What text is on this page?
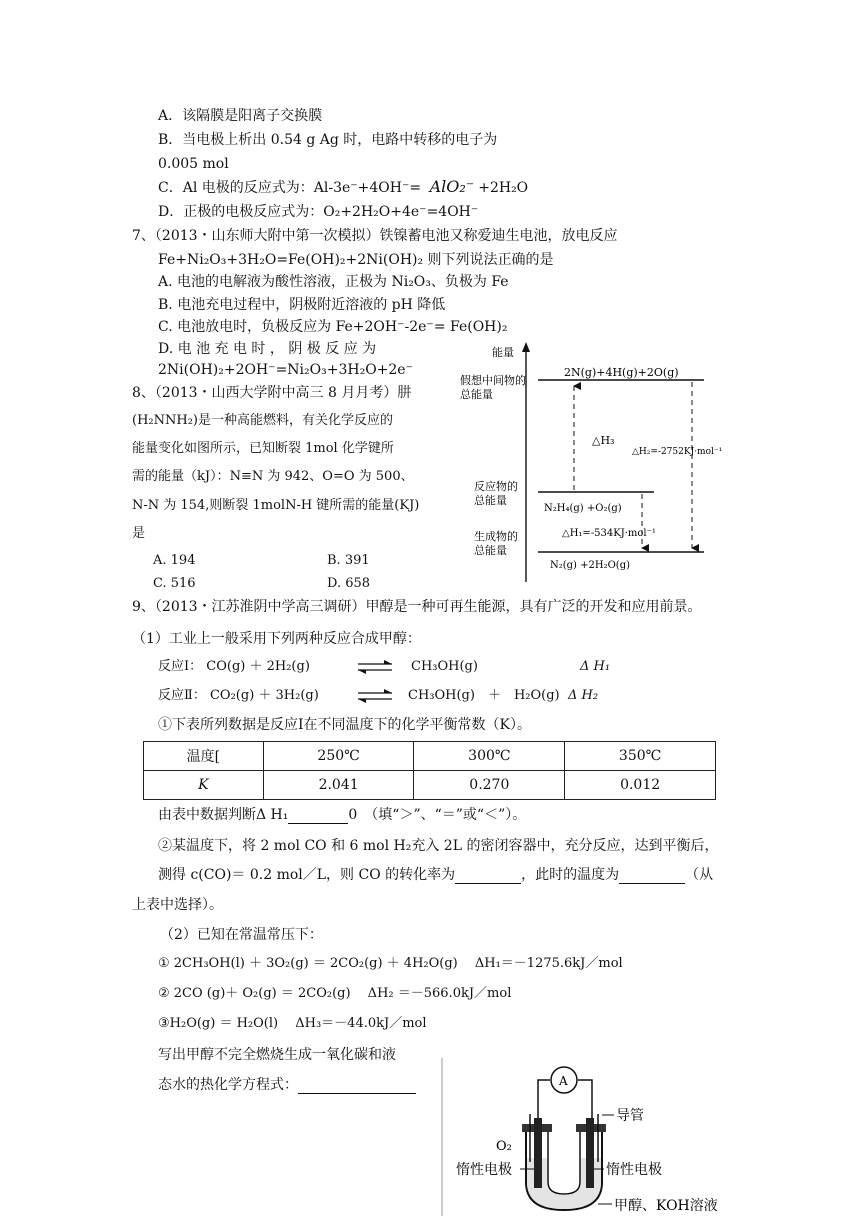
A．该隔膜是阳离子交换膜
B．当电极上析出 0.54 g Ag 时，电路中转移的电子为
0.005 mol
C．Al 电极的反应式为：Al-3e⁻+4OH⁻= AlO₂⁻ +2H₂O
D．正极的电极反应式为：O₂+2H₂O+4e⁻=4OH⁻
7、（2013・山东师大附中第一次模拟）铁镍蓄电池又称爱迪生电池，放电反应
Fe+Ni₂O₃+3H₂O=Fe(OH)₂+2Ni(OH)₂ 则下列说法正确的是
A. 电池的电解液为酸性溶液，正极为 Ni₂O₃、负极为 Fe
B. 电池充电过程中，阴极附近溶液的 pH 降低
C. 电池放电时，负极反应为 Fe+2OH⁻-2e⁻= Fe(OH)₂
D. 电 池 充 电 时 ， 阴 极 反 应 为
2Ni(OH)₂+2OH⁻=Ni₂O₃+3H₂O+2e⁻
8、（2013・山西大学附中高三 8 月月考）肼
(H₂NNH₂)是一种高能燃料，有关化学反应的
能量变化如图所示，已知断裂 1mol 化学键所
需的能量（kJ）：N≡N 为 942、O=O 为 500、
N-N 为 154,则断裂 1molN-H 键所需的能量(KJ)
是
A. 194	B. 391
C. 516	D. 658
能量
假想中间物的
总能量
反应物的
总能量
生成物的
总能量
2N(g)+4H(g)+2O(g)
N₂H₄(g) +O₂(g)
N₂(g) +2H₂O(g)
△H₃
△H₂=-2752KJ·mol⁻¹
△H₁=-534KJ·mol⁻¹
9、（2013・江苏淮阴中学高三调研）甲醇是一种可再生能源，具有广泛的开发和应用前景。
（1）工业上一般采用下列两种反应合成甲醇：
反应Ⅰ： CO(g) ＋ 2H₂(g)	⇌ CH₃OH(g)	Δ H₁
反应Ⅱ： CO₂(g) ＋ 3H₂(g)	⇌ CH₃OH(g)　＋　H₂O(g) Δ H₂
①下表所列数据是反应Ⅰ在不同温度下的化学平衡常数（K）。
温度[	250℃	300℃	350℃
K	2.041	0.270	0.012
由表中数据判断Δ H₁	0　（填“＞”、“＝”或“＜”）。
②某温度下，将 2 mol CO 和 6 mol H₂充入 2L 的密闭容器中，充分反应，达到平衡后，
测得 c(CO)＝ 0.2 mol／L，则 CO 的转化率为	，此时的温度为	（从
上表中选择）。
（2）已知在常温常压下：
① 2CH₃OH(l) ＋ 3O₂(g) ＝ 2CO₂(g) ＋ 4H₂O(g)　 ΔH₁＝－1275.6kJ／mol
② 2CO (g)＋ O₂(g) ＝ 2CO₂(g)　 ΔH₂ ＝－566.0kJ／mol
③H₂O(g) ＝ H₂O(l)　 ΔH₃＝－44.0kJ／mol
写出甲醇不完全燃烧生成一氧化碳和液
态水的热化学方程式：	A
导管
O₂
惰性电极	惰性电极
甲醇、KOH溶液
